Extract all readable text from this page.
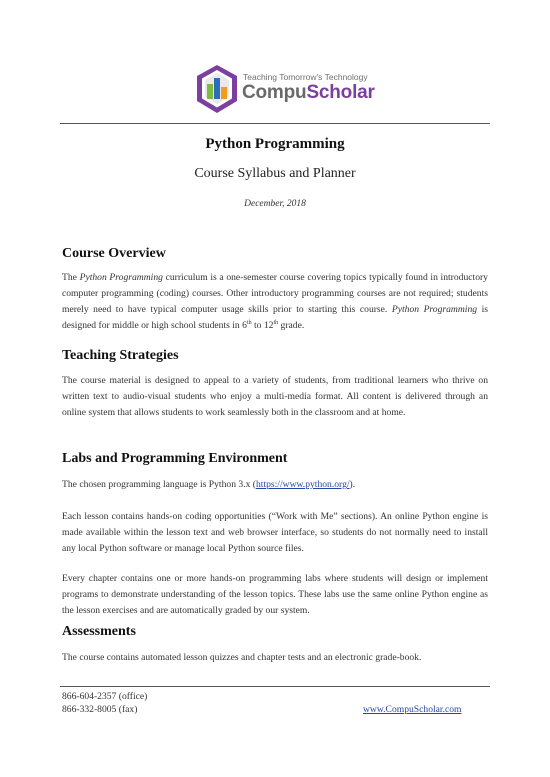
Teaching Tomorrow's Technology
CompuScholar
Python Programming
Course Syllabus and Planner
December, 2018
Course Overview

The Python Programming curriculum is a one-semester course covering topics typically found in introductory computer programming (coding) courses. Other introductory programming courses are not required; students merely need to have typical computer usage skills prior to starting this course. Python Programming is designed for middle or high school students in 6th to 12th grade.

Teaching Strategies

The course material is designed to appeal to a variety of students, from traditional learners who thrive on written text to audio-visual students who enjoy a multi-media format. All content is delivered through an online system that allows students to work seamlessly both in the classroom and at home.

Labs and Programming Environment

The chosen programming language is Python 3.x (https://www.python.org/).

Each lesson contains hands-on coding opportunities (“Work with Me” sections). An online Python engine is made available within the lesson text and web browser interface, so students do not normally need to install any local Python software or manage local Python source files.

Every chapter contains one or more hands-on programming labs where students will design or implement programs to demonstrate understanding of the lesson topics. These labs use the same online Python engine as the lesson exercises and are automatically graded by our system.

Assessments

The course contains automated lesson quizzes and chapter tests and an electronic grade-book.

866-604-2357 (office)
866-332-8005 (fax)	www.CompuScholar.com
